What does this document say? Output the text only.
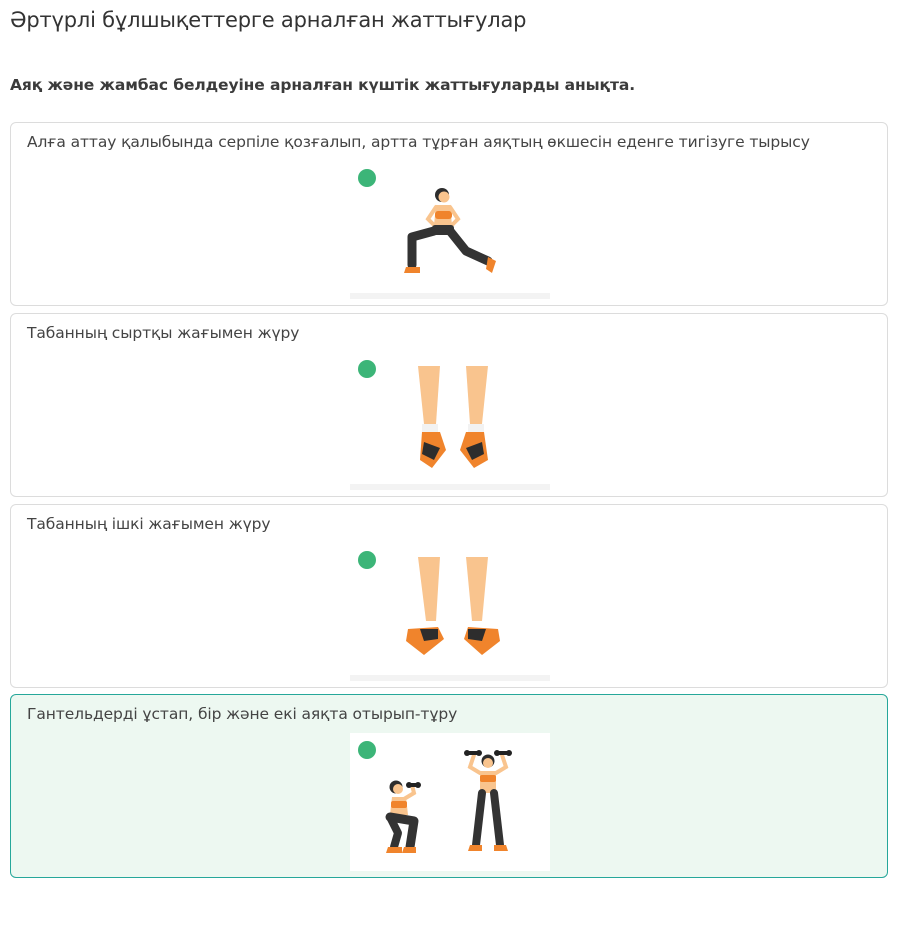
Әртүрлі бұлшықеттерге арналған жаттығулар
Аяқ және жамбас белдеуіне арналған күштік жаттығуларды анықта.
Алға аттау қалыбында серпіле қозғалып, артта тұрған аяқтың өкшесін еденге тигізуге тырысу
Табанның сыртқы жағымен жүру
Табанның ішкі жағымен жүру
Гантельдерді ұстап, бір және екі аяқта отырып-тұру
